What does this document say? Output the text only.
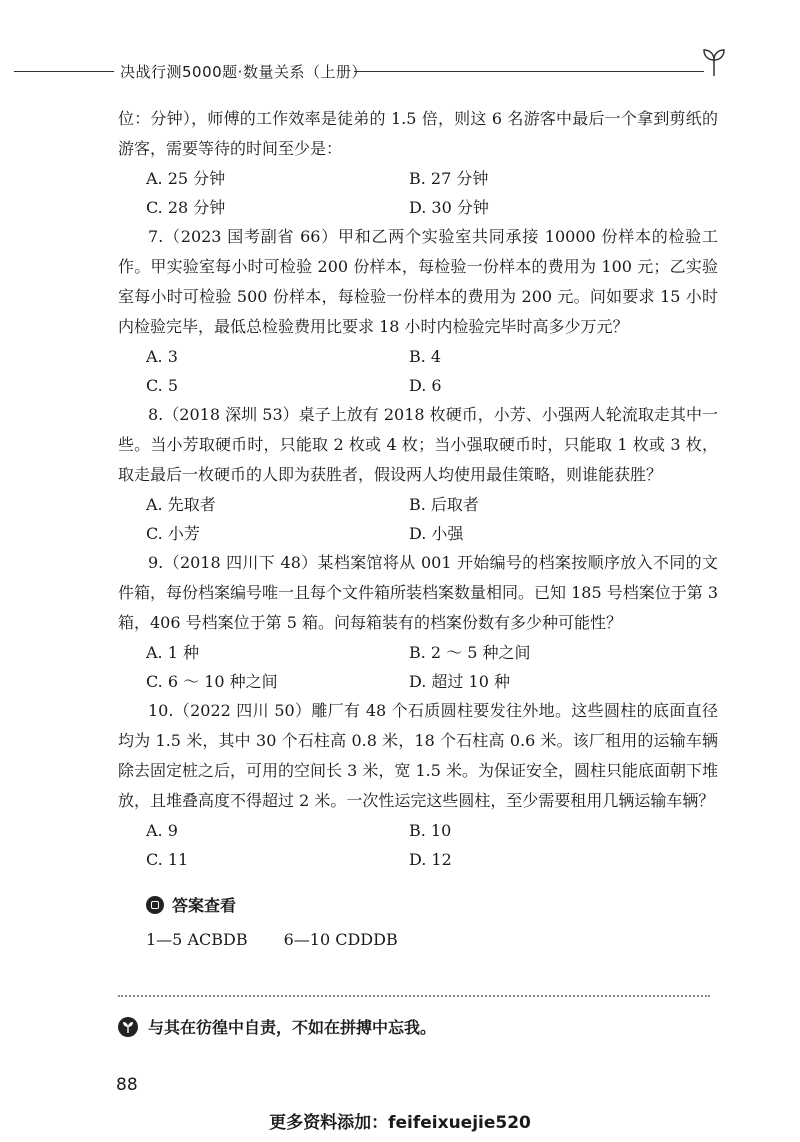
决战行测5000题·数量关系（上册）
位：分钟），师傅的工作效率是徒弟的 1.5 倍，则这 6 名游客中最后一个拿到剪纸的游客，需要等待的时间至少是：
A. 25 分钟	B. 27 分钟
C. 28 分钟	D. 30 分钟
7.（2023 国考副省 66）甲和乙两个实验室共同承接 10000 份样本的检验工作。甲实验室每小时可检验 200 份样本，每检验一份样本的费用为 100 元；乙实验室每小时可检验 500 份样本，每检验一份样本的费用为 200 元。问如要求 15 小时内检验完毕，最低总检验费用比要求 18 小时内检验完毕时高多少万元？
A. 3	B. 4
C. 5	D. 6
8.（2018 深圳 53）桌子上放有 2018 枚硬币，小芳、小强两人轮流取走其中一些。当小芳取硬币时，只能取 2 枚或 4 枚；当小强取硬币时，只能取 1 枚或 3 枚，取走最后一枚硬币的人即为获胜者，假设两人均使用最佳策略，则谁能获胜？
A. 先取者	B. 后取者
C. 小芳	D. 小强
9.（2018 四川下 48）某档案馆将从 001 开始编号的档案按顺序放入不同的文件箱，每份档案编号唯一且每个文件箱所装档案数量相同。已知 185 号档案位于第 3 箱，406 号档案位于第 5 箱。问每箱装有的档案份数有多少种可能性？
A. 1 种	B. 2 ～ 5 种之间
C. 6 ～ 10 种之间	D. 超过 10 种
10.（2022 四川 50）雕厂有 48 个石质圆柱要发往外地。这些圆柱的底面直径均为 1.5 米，其中 30 个石柱高 0.8 米，18 个石柱高 0.6 米。该厂租用的运输车辆除去固定桩之后，可用的空间长 3 米，宽 1.5 米。为保证安全，圆柱只能底面朝下堆放，且堆叠高度不得超过 2 米。一次性运完这些圆柱，至少需要租用几辆运输车辆？
A. 9	B. 10
C. 11	D. 12
答案查看
1—5 ACBDB 6—10 CDDDB
与其在彷徨中自责，不如在拼搏中忘我。
88
更多资料添加：feifeixuejie520
